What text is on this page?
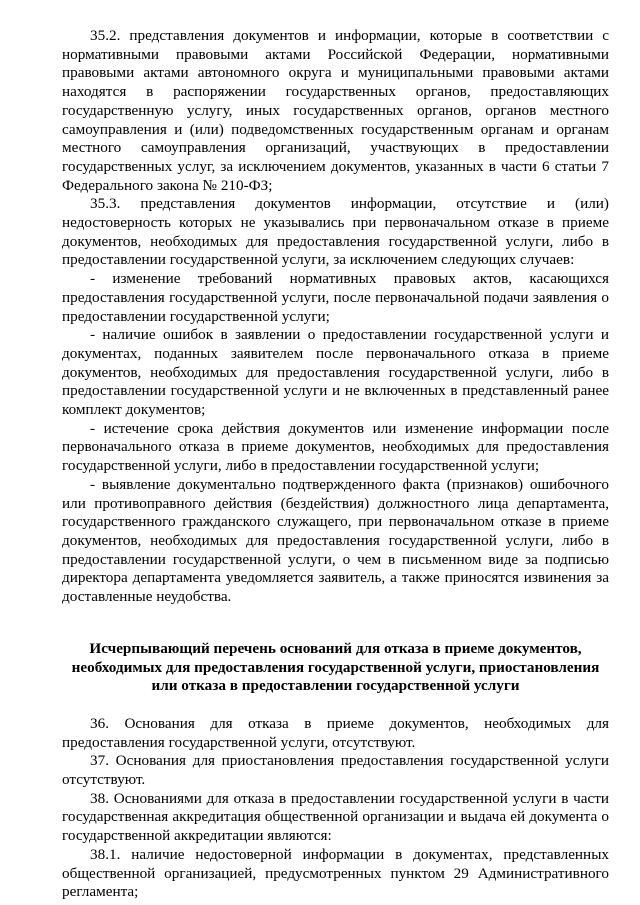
35.2. представления документов и информации, которые в соответствии с нормативными правовыми актами Российской Федерации, нормативными правовыми актами автономного округа и муниципальными правовыми актами находятся в распоряжении государственных органов, предоставляющих государственную услугу, иных государственных органов, органов местного самоуправления и (или) подведомственных государственным органам и органам местного самоуправления организаций, участвующих в предоставлении государственных услуг, за исключением документов, указанных в части 6 статьи 7 Федерального закона № 210-ФЗ;

35.3. представления документов информации, отсутствие и (или) недостоверность которых не указывались при первоначальном отказе в приеме документов, необходимых для предоставления государственной услуги, либо в предоставлении государственной услуги, за исключением следующих случаев:

- изменение требований нормативных правовых актов, касающихся предоставления государственной услуги, после первоначальной подачи заявления о предоставлении государственной услуги;

- наличие ошибок в заявлении о предоставлении государственной услуги и документах, поданных заявителем после первоначального отказа в приеме документов, необходимых для предоставления государственной услуги, либо в предоставлении государственной услуги и не включенных в представленный ранее комплект документов;

- истечение срока действия документов или изменение информации после первоначального отказа в приеме документов, необходимых для предоставления государственной услуги, либо в предоставлении государственной услуги;

- выявление документально подтвержденного факта (признаков) ошибочного или противоправного действия (бездействия) должностного лица департамента, государственного гражданского служащего, при первоначальном отказе в приеме документов, необходимых для предоставления государственной услуги, либо в предоставлении государственной услуги, о чем в письменном виде за подписью директора департамента уведомляется заявитель, а также приносятся извинения за доставленные неудобства.

Исчерпывающий перечень оснований для отказа в приеме документов,
необходимых для предоставления государственной услуги, приостановления
или отказа в предоставлении государственной услуги

36. Основания для отказа в приеме документов, необходимых для предоставления государственной услуги, отсутствуют.

37. Основания для приостановления предоставления государственной услуги отсутствуют.

38. Основаниями для отказа в предоставлении государственной услуги в части государственная аккредитация общественной организации и выдача ей документа о государственной аккредитации являются:

38.1. наличие недостоверной информации в документах, представленных общественной организацией, предусмотренных пунктом 29 Административного регламента;
